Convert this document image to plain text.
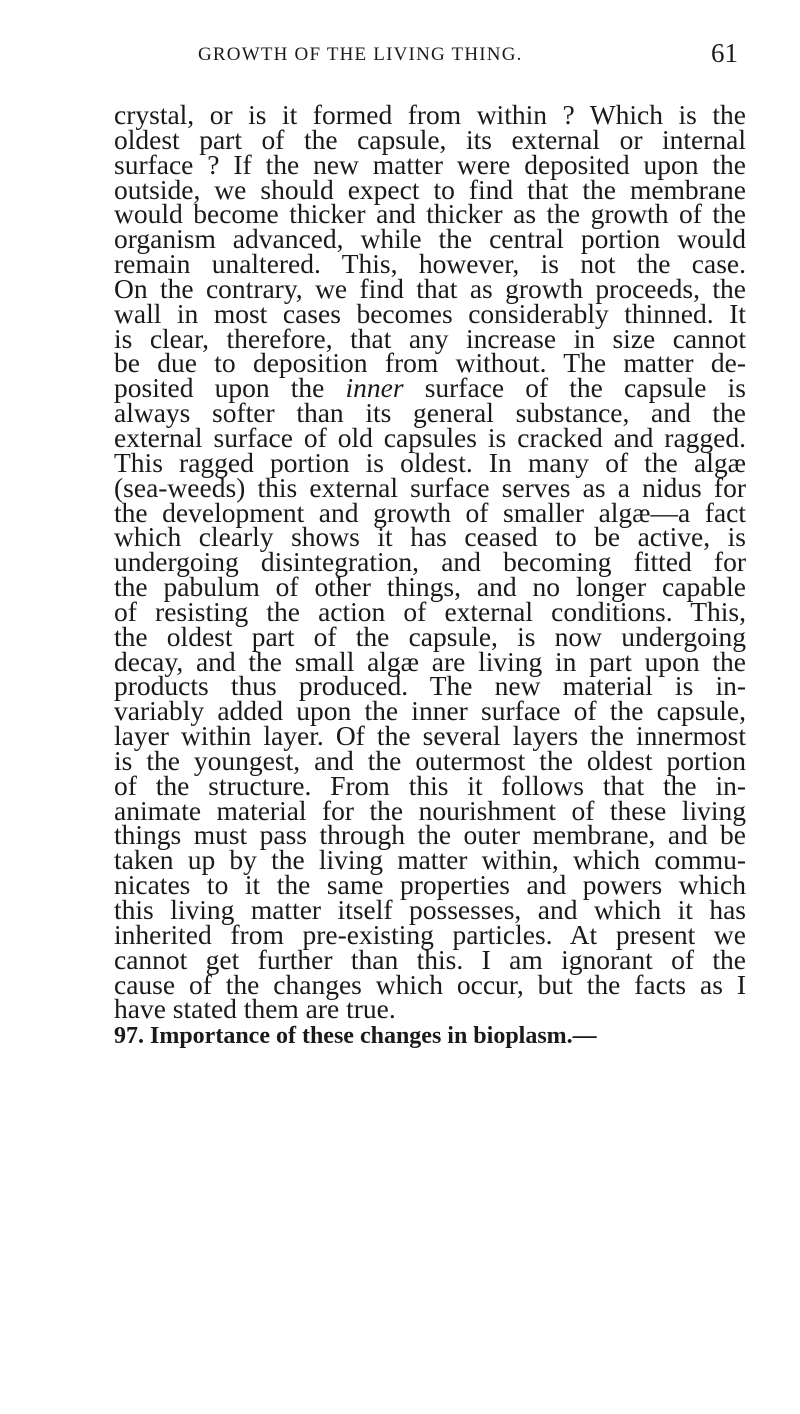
GROWTH OF THE LIVING THING.	61
crystal, or is it formed from within ? Which is the
oldest part of the capsule, its external or internal
surface ? If the new matter were deposited upon the
outside, we should expect to find that the membrane
would become thicker and thicker as the growth of the
organism advanced, while the central portion would
remain unaltered. This, however, is not the case.
On the contrary, we find that as growth proceeds, the
wall in most cases becomes considerably thinned. It
is clear, therefore, that any increase in size cannot
be due to deposition from without. The matter de-
posited upon the inner surface of the capsule is
always softer than its general substance, and the
external surface of old capsules is cracked and ragged.
This ragged portion is oldest. In many of the algæ
(sea-weeds) this external surface serves as a nidus for
the development and growth of smaller algæ—a fact
which clearly shows it has ceased to be active, is
undergoing disintegration, and becoming fitted for
the pabulum of other things, and no longer capable
of resisting the action of external conditions. This,
the oldest part of the capsule, is now undergoing
decay, and the small algæ are living in part upon the
products thus produced. The new material is in-
variably added upon the inner surface of the capsule,
layer within layer. Of the several layers the innermost
is the youngest, and the outermost the oldest portion
of the structure. From this it follows that the in-
animate material for the nourishment of these living
things must pass through the outer membrane, and be
taken up by the living matter within, which commu-
nicates to it the same properties and powers which
this living matter itself possesses, and which it has
inherited from pre-existing particles. At present we
cannot get further than this. I am ignorant of the
cause of the changes which occur, but the facts as I
have stated them are true.
97. Importance of these changes in bioplasm.—
